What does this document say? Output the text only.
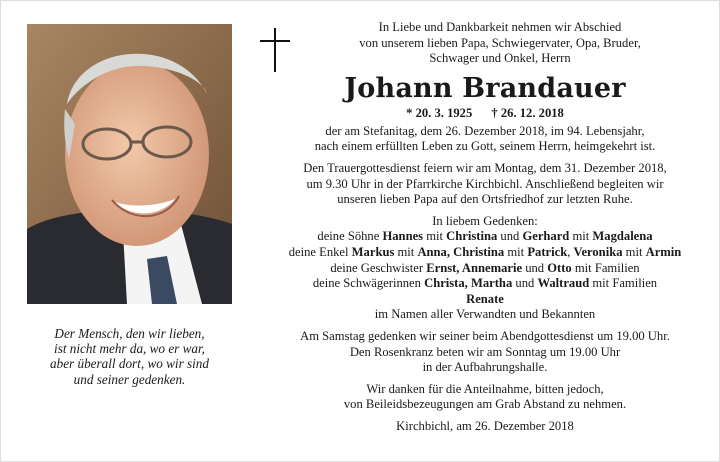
Der Mensch, den wir lieben,
ist nicht mehr da, wo er war,
aber überall dort, wo wir sind
und seiner gedenken.
In Liebe und Dankbarkeit nehmen wir Abschied
von unserem lieben Papa, Schwiegervater, Opa, Bruder,
Schwager und Onkel, Herrn
Johann Brandauer
* 20. 3. 1925 † 26. 12. 2018
der am Stefanitag, dem 26. Dezember 2018, im 94. Lebensjahr,
nach einem erfüllten Leben zu Gott, seinem Herrn, heimgekehrt ist.
Den Trauergottesdienst feiern wir am Montag, dem 31. Dezember 2018,
um 9.30 Uhr in der Pfarrkirche Kirchbichl. Anschließend begleiten wir
unseren lieben Papa auf den Ortsfriedhof zur letzten Ruhe.
In liebem Gedenken:
deine Söhne Hannes mit Christina und Gerhard mit Magdalena
deine Enkel Markus mit Anna, Christina mit Patrick, Veronika mit Armin
deine Geschwister Ernst, Annemarie und Otto mit Familien
deine Schwägerinnen Christa, Martha und Waltraud mit Familien
Renate
im Namen aller Verwandten und Bekannten
Am Samstag gedenken wir seiner beim Abendgottesdienst um 19.00 Uhr.
Den Rosenkranz beten wir am Sonntag um 19.00 Uhr
in der Aufbahrungshalle.
Wir danken für die Anteilnahme, bitten jedoch,
von Beileidsbezeugungen am Grab Abstand zu nehmen.
Kirchbichl, am 26. Dezember 2018
